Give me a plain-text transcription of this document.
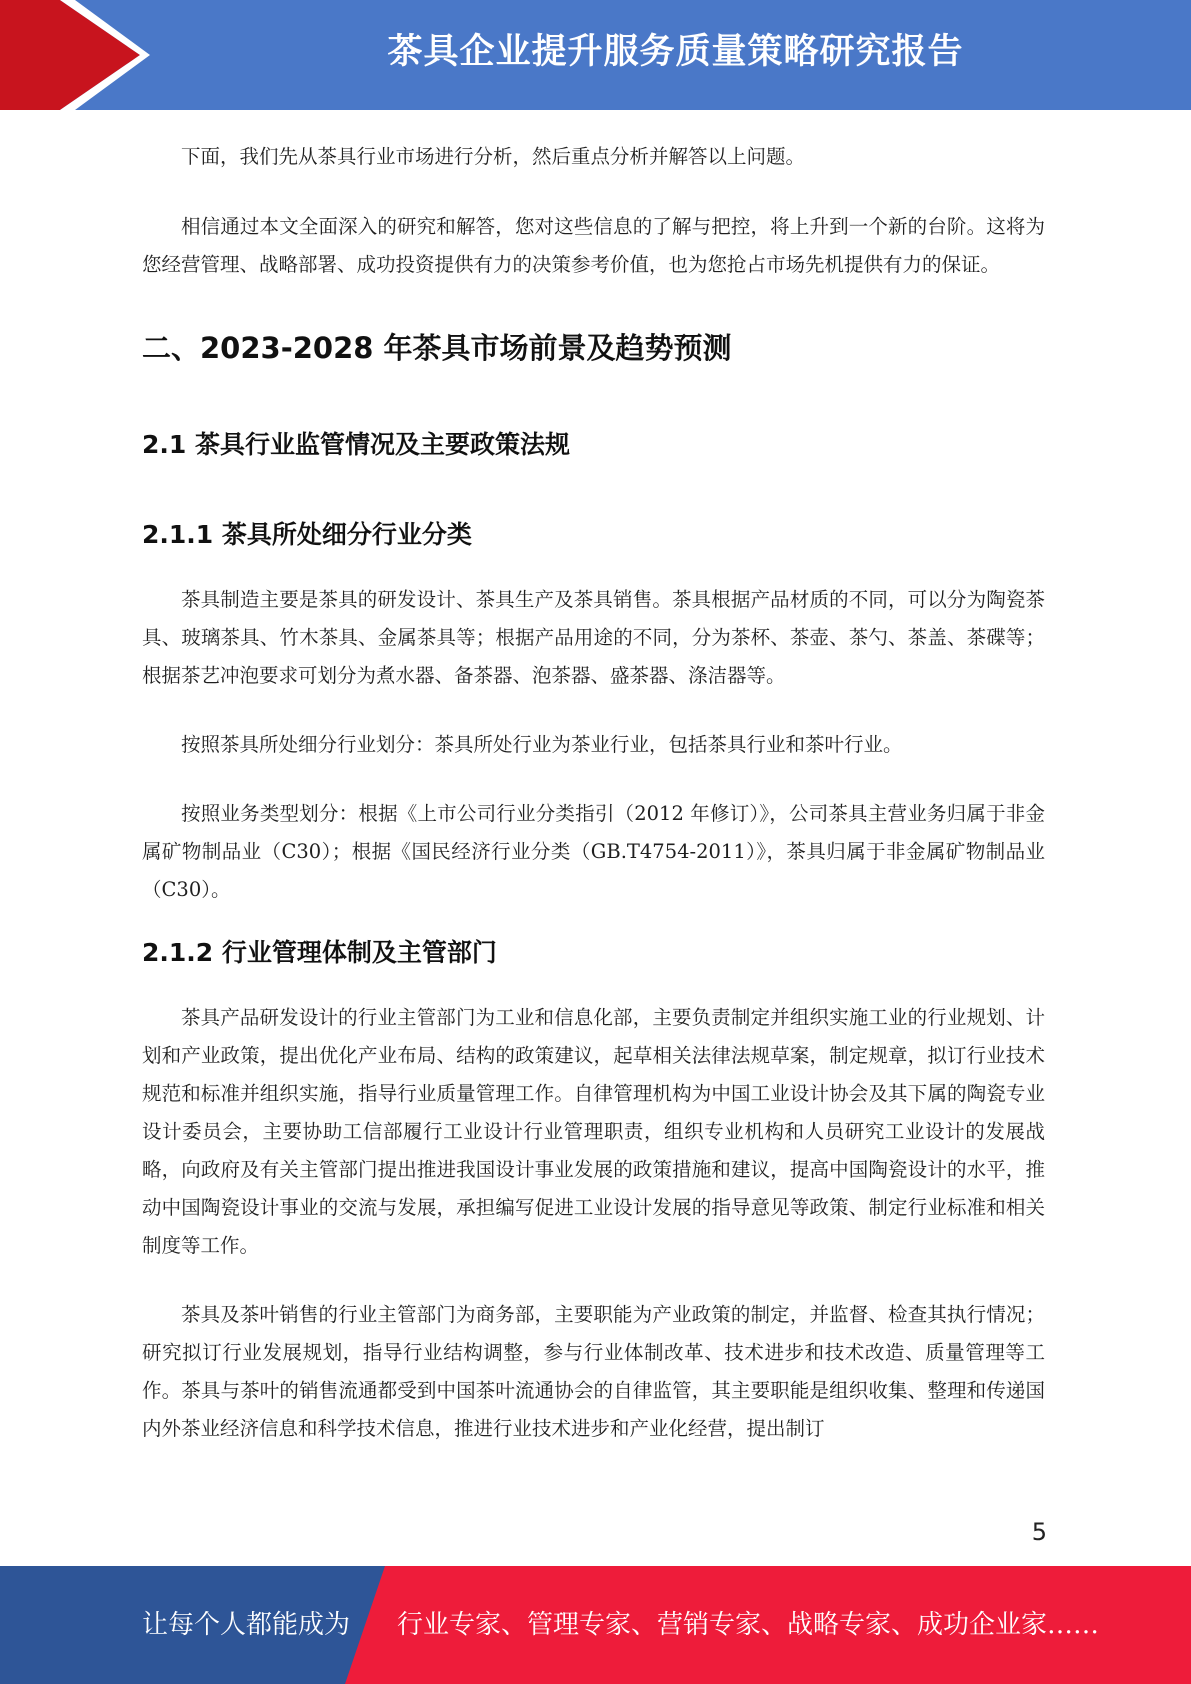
茶具企业提升服务质量策略研究报告

下面，我们先从茶具行业市场进行分析，然后重点分析并解答以上问题。

相信通过本文全面深入的研究和解答，您对这些信息的了解与把控，将上升到一个新的台阶。这将为您经营管理、战略部署、成功投资提供有力的决策参考价值，也为您抢占市场先机提供有力的保证。

二、2023-2028 年茶具市场前景及趋势预测
2.1 茶具行业监管情况及主要政策法规
2.1.1 茶具所处细分行业分类

茶具制造主要是茶具的研发设计、茶具生产及茶具销售。茶具根据产品材质的不同，可以分为陶瓷茶具、玻璃茶具、竹木茶具、金属茶具等；根据产品用途的不同，分为茶杯、茶壶、茶勺、茶盖、茶碟等；根据茶艺冲泡要求可划分为煮水器、备茶器、泡茶器、盛茶器、涤洁器等。

按照茶具所处细分行业划分：茶具所处行业为茶业行业，包括茶具行业和茶叶行业。

按照业务类型划分：根据《上市公司行业分类指引（2012 年修订）》，公司茶具主营业务归属于非金属矿物制品业（C30）；根据《国民经济行业分类（GB.T4754-2011）》，茶具归属于非金属矿物制品业（C30）。

2.1.2 行业管理体制及主管部门

茶具产品研发设计的行业主管部门为工业和信息化部，主要负责制定并组织实施工业的行业规划、计划和产业政策，提出优化产业布局、结构的政策建议，起草相关法律法规草案，制定规章，拟订行业技术规范和标准并组织实施，指导行业质量管理工作。自律管理机构为中国工业设计协会及其下属的陶瓷专业设计委员会，主要协助工信部履行工业设计行业管理职责，组织专业机构和人员研究工业设计的发展战略，向政府及有关主管部门提出推进我国设计事业发展的政策措施和建议，提高中国陶瓷设计的水平，推动中国陶瓷设计事业的交流与发展，承担编写促进工业设计发展的指导意见等政策、制定行业标准和相关制度等工作。

茶具及茶叶销售的行业主管部门为商务部，主要职能为产业政策的制定，并监督、检查其执行情况；研究拟订行业发展规划，指导行业结构调整，参与行业体制改革、技术进步和技术改造、质量管理等工作。茶具与茶叶的销售流通都受到中国茶叶流通协会的自律监管，其主要职能是组织收集、整理和传递国内外茶业经济信息和科学技术信息，推进行业技术进步和产业化经营，提出制订

5
让每个人都能成为 行业专家、管理专家、营销专家、战略专家、成功企业家……
